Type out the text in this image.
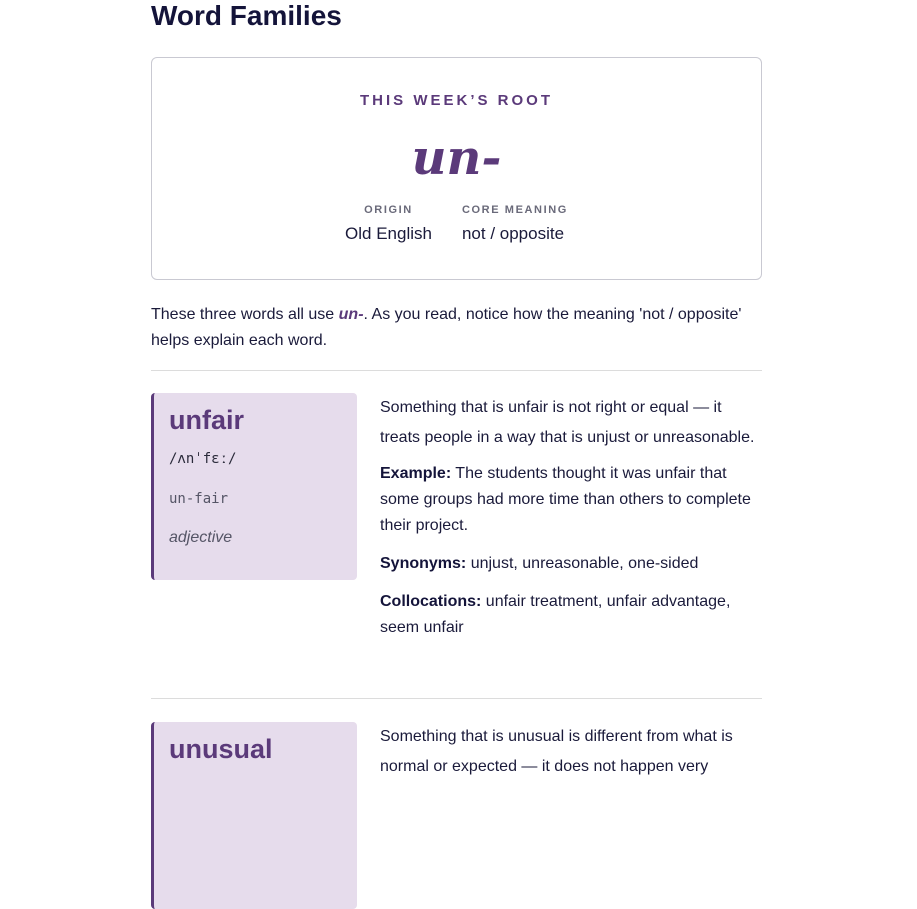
Word Families
THIS WEEK’S ROOT
un-
ORIGIN
Old English
CORE MEANING
not / opposite

These three words all use un-. As you read, notice how the meaning 'not / opposite' helps explain each word.

unfair
/ʌnˈfɛː/
un-fair
adjective

Something that is unfair is not right or equal — it treats people in a way that is unjust or unreasonable.

Example: The students thought it was unfair that some groups had more time than others to complete their project.

Synonyms: unjust, unreasonable, one-sided

Collocations: unfair treatment, unfair advantage, seem unfair

unusual	Something that is unusual is different from what is normal or expected — it does not happen very
